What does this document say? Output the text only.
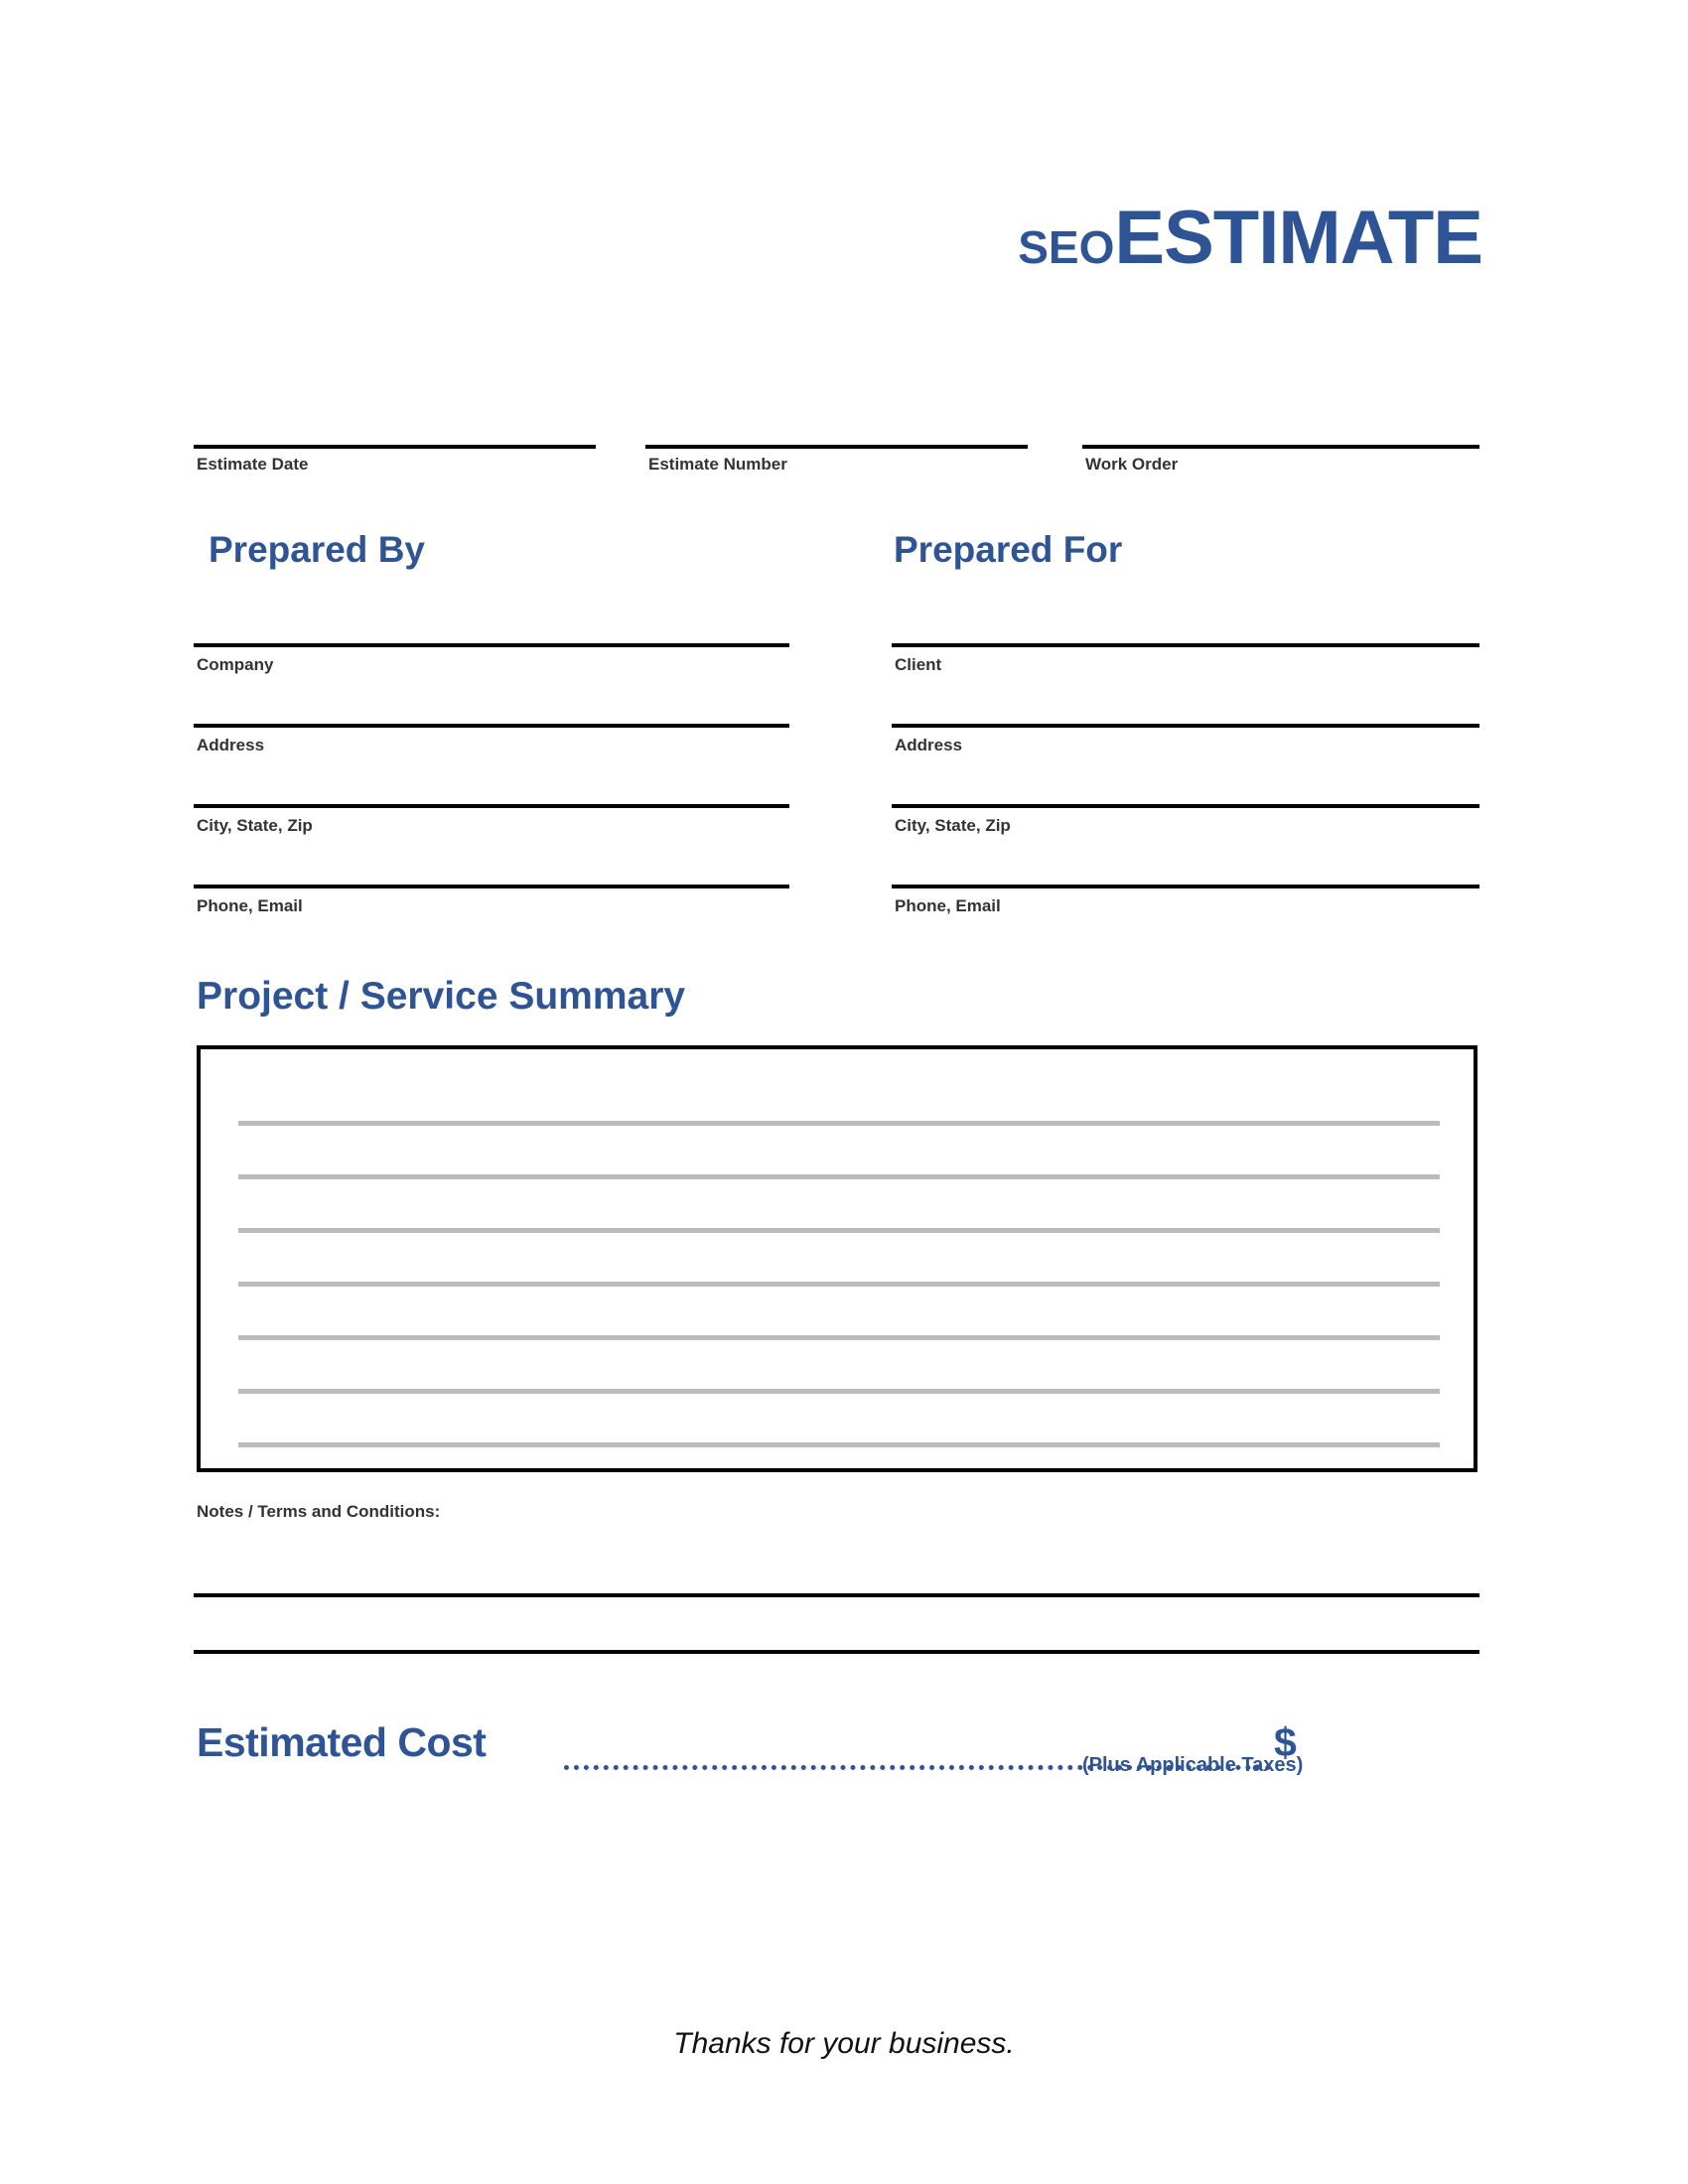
SEOESTIMATE
Estimate Date	Estimate Number	Work Order
Prepared By	Prepared For
Company
Address
City, State, Zip
Phone, Email
Client
Address
City, State, Zip
Phone, Email
Project / Service Summary
Notes / Terms and Conditions:
Estimated Cost	$
(Plus Applicable Taxes)
Thanks for your business.
